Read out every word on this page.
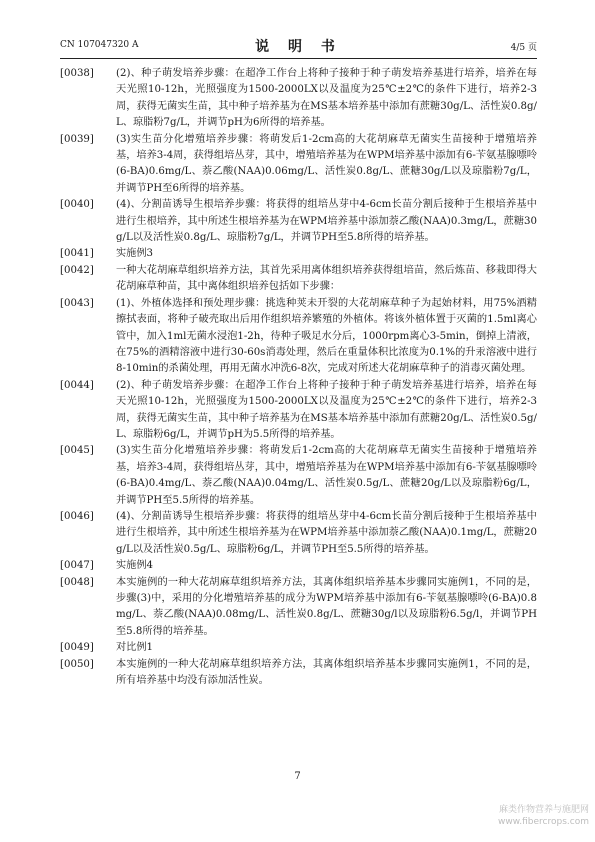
CN 107047320 A	说 明 书	4/5 页
[0038]	(2)、种子萌发培养步骤：在超净工作台上将种子接种于种子萌发培养基进行培养，培养在每天光照10-12h，光照强度为1500-2000LX以及温度为25℃±2℃的条件下进行，培养2-3周，获得无菌实生苗，其中种子培养基为在MS基本培养基中添加有蔗糖30g/L、活性炭0.8g/L、琼脂粉7g/L，并调节pH为6所得的培养基。
[0039]	(3)实生苗分化增殖培养步骤：将萌发后1-2cm高的大花胡麻草无菌实生苗接种于增殖培养基，培养3-4周，获得组培丛芽，其中，增殖培养基为在WPM培养基中添加有6-苄氨基腺嘌呤(6-BA)0.6mg/L、萘乙酸(NAA)0.06mg/L、活性炭0.8g/L、蔗糖30g/L以及琼脂粉7g/L，并调节PH至6所得的培养基。
[0040]	(4)、分割苗诱导生根培养步骤：将获得的组培丛芽中4-6cm长苗分割后接种于生根培养基中进行生根培养，其中所述生根培养基为在WPM培养基中添加萘乙酸(NAA)0.3mg/L，蔗糖30g/L以及活性炭0.8g/L、琼脂粉7g/L，并调节PH至5.8所得的培养基。
[0041]	实施例3
[0042]	一种大花胡麻草组织培养方法，其首先采用离体组织培养获得组培苗，然后炼苗、移栽即得大花胡麻草种苗，其中离体组织培养包括如下步骤：
[0043]	(1)、外植体选择和预处理步骤：挑选种荚未开裂的大花胡麻草种子为起始材料，用75%酒精擦拭表面，将种子破壳取出后用作组织培养繁殖的外植体。将该外植体置于灭菌的1.5ml离心管中，加入1ml无菌水浸泡1-2h，待种子吸足水分后，1000rpm离心3-5min，倒掉上清液，在75%的酒精溶液中进行30-60s消毒处理，然后在重量体积比浓度为0.1%的升汞溶液中进行8-10min的杀菌处理，再用无菌水冲洗6-8次，完成对所述大花胡麻草种子的消毒灭菌处理。
[0044]	(2)、种子萌发培养步骤：在超净工作台上将种子接种于种子萌发培养基进行培养，培养在每天光照10-12h，光照强度为1500-2000LX以及温度为25℃±2℃的条件下进行，培养2-3周，获得无菌实生苗，其中种子培养基为在MS基本培养基中添加有蔗糖20g/L、活性炭0.5g/L、琼脂粉6g/L，并调节pH为5.5所得的培养基。
[0045]	(3)实生苗分化增殖培养步骤：将萌发后1-2cm高的大花胡麻草无菌实生苗接种于增殖培养基，培养3-4周，获得组培丛芽，其中，增殖培养基为在WPM培养基中添加有6-苄氨基腺嘌呤(6-BA)0.4mg/L、萘乙酸(NAA)0.04mg/L、活性炭0.5g/L、蔗糖20g/L以及琼脂粉6g/L，并调节PH至5.5所得的培养基。
[0046]	(4)、分割苗诱导生根培养步骤：将获得的组培丛芽中4-6cm长苗分割后接种于生根培养基中进行生根培养，其中所述生根培养基为在WPM培养基中添加萘乙酸(NAA)0.1mg/L，蔗糖20g/L以及活性炭0.5g/L、琼脂粉6g/L，并调节PH至5.5所得的培养基。
[0047]	实施例4
[0048]	本实施例的一种大花胡麻草组织培养方法，其离体组织培养基本步骤同实施例1，不同的是，步骤(3)中，采用的分化增殖培养基的成分为WPM培养基中添加有6-苄氨基腺嘌呤(6-BA)0.8mg/L、萘乙酸(NAA)0.08mg/L、活性炭0.8g/L、蔗糖30g/l以及琼脂粉6.5g/l，并调节PH至5.8所得的培养基。
[0049]	对比例1
[0050]	本实施例的一种大花胡麻草组织培养方法，其离体组织培养基本步骤同实施例1，不同的是，所有培养基中均没有添加活性炭。
7
麻类作物营养与施肥网
www.fibercrops.com
